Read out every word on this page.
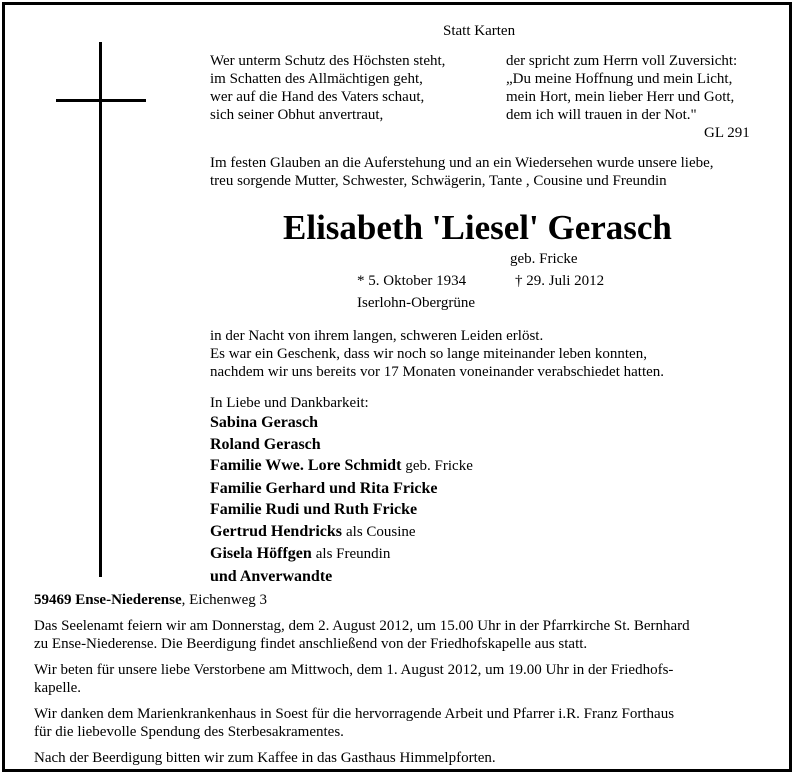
Statt Karten
Wer unterm Schutz des Höchsten steht,
im Schatten des Allmächtigen geht,
wer auf die Hand des Vaters schaut,
sich seiner Obhut anvertraut,
der spricht zum Herrn voll Zuversicht:
„Du meine Hoffnung und mein Licht,
mein Hort, mein lieber Herr und Gott,
dem ich will trauen in der Not."
GL 291
Im festen Glauben an die Auferstehung und an ein Wiedersehen wurde unsere liebe,
treu sorgende Mutter, Schwester, Schwägerin, Tante , Cousine und Freundin
Elisabeth 'Liesel' Gerasch
geb. Fricke
* 5. Oktober 1934	† 29. Juli 2012
Iserlohn-Obergrüne
in der Nacht von ihrem langen, schweren Leiden erlöst.
Es war ein Geschenk, dass wir noch so lange miteinander leben konnten,
nachdem wir uns bereits vor 17 Monaten voneinander verabschiedet hatten.
In Liebe und Dankbarkeit:
Sabina Gerasch
Roland Gerasch
Familie Wwe. Lore Schmidt geb. Fricke
Familie Gerhard und Rita Fricke
Familie Rudi und Ruth Fricke
Gertrud Hendricks als Cousine
Gisela Höffgen als Freundin
und Anverwandte
59469 Ense-Niederense, Eichenweg 3
Das Seelenamt feiern wir am Donnerstag, dem 2. August 2012, um 15.00 Uhr in der Pfarrkirche St. Bernhard
zu Ense-Niederense. Die Beerdigung findet anschließend von der Friedhofskapelle aus statt.
Wir beten für unsere liebe Verstorbene am Mittwoch, dem 1. August 2012, um 19.00 Uhr in der Friedhofs-
kapelle.
Wir danken dem Marienkrankenhaus in Soest für die hervorragende Arbeit und Pfarrer i.R. Franz Forthaus
für die liebevolle Spendung des Sterbesakramentes.
Nach der Beerdigung bitten wir zum Kaffee in das Gasthaus Himmelpforten.
